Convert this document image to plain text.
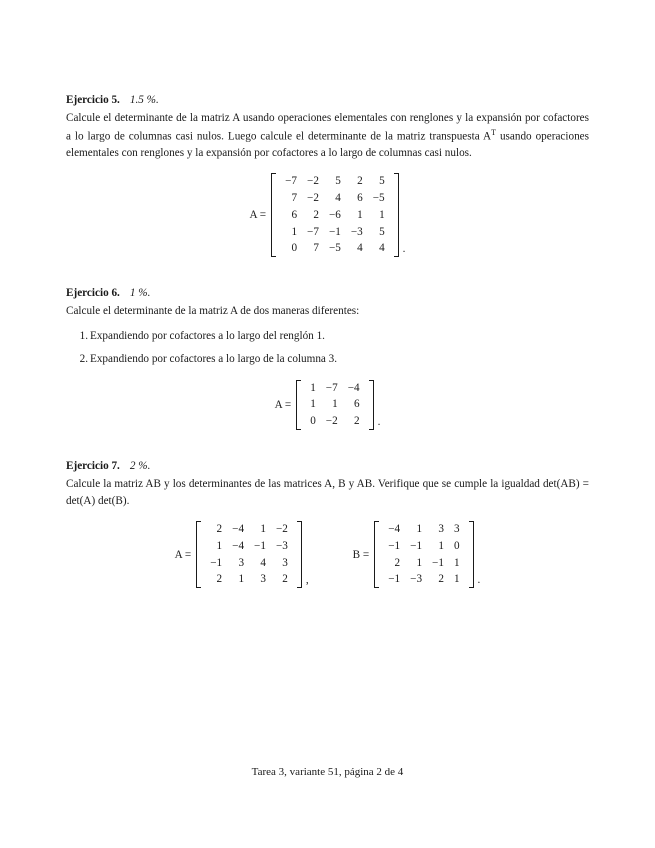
Ejercicio 5. 1.5 %.
Calcule el determinante de la matriz A usando operaciones elementales con renglones y la expansión por cofactores a lo largo de columnas casi nulos. Luego calcule el determinante de la matriz transpuesta $A^T$ usando operaciones elementales con renglones y la expansión por cofactores a lo largo de columnas casi nulos.
A =
−7	−2	5	2	5
7	−2	4	6	−5
6	2	−6	1	1
1	−7	−1	−3	5
0	7	−5	4	4 .
Ejercicio 6. 1 %.
Calcule el determinante de la matriz A de dos maneras diferentes:
1. Expandiendo por cofactores a lo largo del renglón 1.
2. Expandiendo por cofactores a lo largo de la columna 3.
A =
1	−7	−4
1	1	6
0	−2	2 .
Ejercicio 7. 2 %.
Calcule la matriz AB y los determinantes de las matrices A, B y AB. Verifique que se cumple la igualdad det(AB) = det(A) det(B).
A =
2	−4	1	−2
1	−4	−1	−3
−1	3	4	3
2	1	3	2 ,
B =
−4	1	3	3
−1	−1	1	0
2	1	−1	1
−1	−3	2	1 .
Tarea 3, variante 51, página 2 de 4
